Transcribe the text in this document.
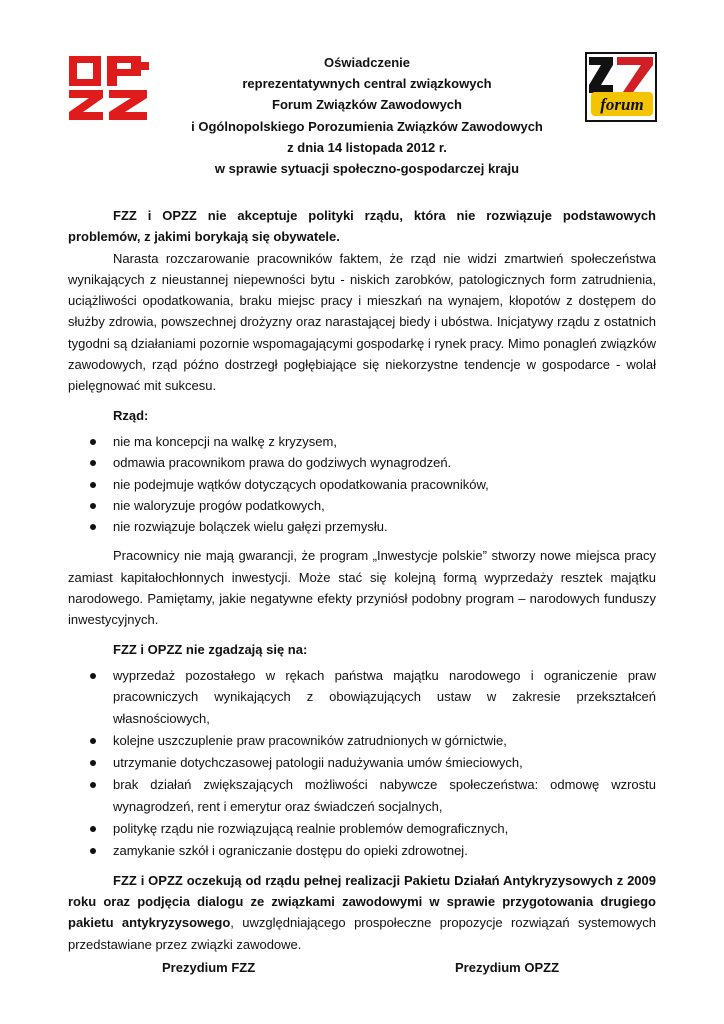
forum
Oświadczenie
reprezentatywnych central związkowych
Forum Związków Zawodowych
i Ogólnopolskiego Porozumienia Związków Zawodowych
z dnia 14 listopada 2012 r.
w sprawie sytuacji społeczno-gospodarczej kraju

FZZ i OPZZ nie akceptuje polityki rządu, która nie rozwiązuje podstawowych problemów, z jakimi borykają się obywatele.

Narasta rozczarowanie pracowników faktem, że rząd nie widzi zmartwień społeczeństwa wynikających z nieustannej niepewności bytu - niskich zarobków, patologicznych form zatrudnienia, uciążliwości opodatkowania, braku miejsc pracy i mieszkań na wynajem, kłopotów z dostępem do służby zdrowia, powszechnej drożyzny oraz narastającej biedy i ubóstwa. Inicjatywy rządu z ostatnich tygodni są działaniami pozornie wspomagającymi gospodarkę i rynek pracy. Mimo ponagleń związków zawodowych, rząd późno dostrzegł pogłębiające się niekorzystne tendencje w gospodarce - wolał pielęgnować mit sukcesu.

Rząd:

nie ma koncepcji na walkę z kryzysem,
odmawia pracownikom prawa do godziwych wynagrodzeń.
nie podejmuje wątków dotyczących opodatkowania pracowników,
nie waloryzuje progów podatkowych,
nie rozwiązuje bolączek wielu gałęzi przemysłu.

Pracownicy nie mają gwarancji, że program „Inwestycje polskie” stworzy nowe miejsca pracy zamiast kapitałochłonnych inwestycji. Może stać się kolejną formą wyprzedaży resztek majątku narodowego. Pamiętamy, jakie negatywne efekty przyniósł podobny program – narodowych funduszy inwestycyjnych.

FZZ i OPZZ nie zgadzają się na:

wyprzedaż pozostałego w rękach państwa majątku narodowego i ograniczenie praw pracowniczych wynikających z obowiązujących ustaw w zakresie przekształceń własnościowych,
kolejne uszczuplenie praw pracowników zatrudnionych w górnictwie,
utrzymanie dotychczasowej patologii nadużywania umów śmieciowych,
brak działań zwiększających możliwości nabywcze społeczeństwa: odmowę wzrostu wynagrodzeń, rent i emerytur oraz świadczeń socjalnych,
politykę rządu nie rozwiązującą realnie problemów demograficznych,
zamykanie szkół i ograniczanie dostępu do opieki zdrowotnej.

FZZ i OPZZ oczekują od rządu pełnej realizacji Pakietu Działań Antykryzysowych z 2009 roku oraz podjęcia dialogu ze związkami zawodowymi w sprawie przygotowania drugiego pakietu antykryzysowego, uwzględniającego prospołeczne propozycje rozwiązań systemowych przedstawiane przez związki zawodowe.

Prezydium FZZ	Prezydium OPZZ
